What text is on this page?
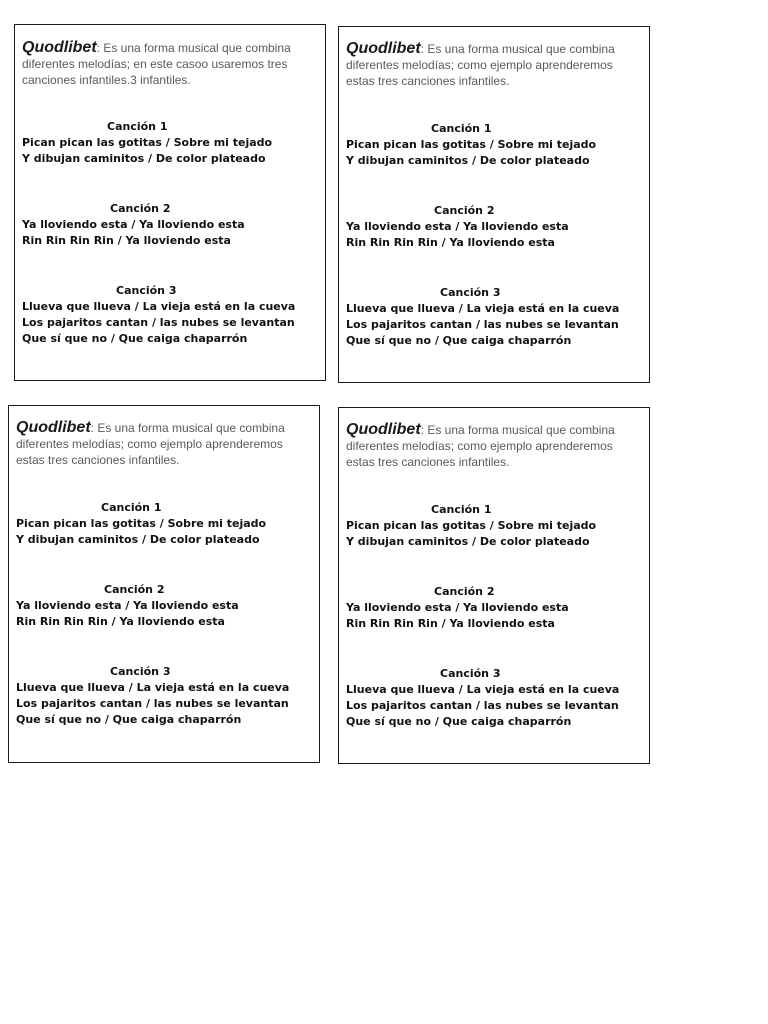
Quodlibet: Es una forma musical que combina diferentes melodías; en este casoo usaremos tres canciones infantiles.3 infantiles.

Canción 1
Pican pican las gotitas / Sobre mi tejado
Y dibujan caminitos / De color plateado
Canción 2
Ya lloviendo esta / Ya lloviendo esta
Rin Rin Rin Rin / Ya lloviendo esta
Canción 3
Llueva que llueva / La vieja está en la cueva
Los pajaritos cantan / las nubes se levantan
Que sí que no / Que caiga chaparrón

Quodlibet: Es una forma musical que combina diferentes melodías; como ejemplo aprenderemos estas tres canciones infantiles.

Canción 1
Pican pican las gotitas / Sobre mi tejado
Y dibujan caminitos / De color plateado
Canción 2
Ya lloviendo esta / Ya lloviendo esta
Rin Rin Rin Rin / Ya lloviendo esta
Canción 3
Llueva que llueva / La vieja está en la cueva
Los pajaritos cantan / las nubes se levantan
Que sí que no / Que caiga chaparrón

Quodlibet: Es una forma musical que combina diferentes melodías; como ejemplo aprenderemos estas tres canciones infantiles.

Canción 1
Pican pican las gotitas / Sobre mi tejado
Y dibujan caminitos / De color plateado
Canción 2
Ya lloviendo esta / Ya lloviendo esta
Rin Rin Rin Rin / Ya lloviendo esta
Canción 3
Llueva que llueva / La vieja está en la cueva
Los pajaritos cantan / las nubes se levantan
Que sí que no / Que caiga chaparrón

Quodlibet: Es una forma musical que combina diferentes melodías; como ejemplo aprenderemos estas tres canciones infantiles.

Canción 1
Pican pican las gotitas / Sobre mi tejado
Y dibujan caminitos / De color plateado
Canción 2
Ya lloviendo esta / Ya lloviendo esta
Rin Rin Rin Rin / Ya lloviendo esta
Canción 3
Llueva que llueva / La vieja está en la cueva
Los pajaritos cantan / las nubes se levantan
Que sí que no / Que caiga chaparrón
